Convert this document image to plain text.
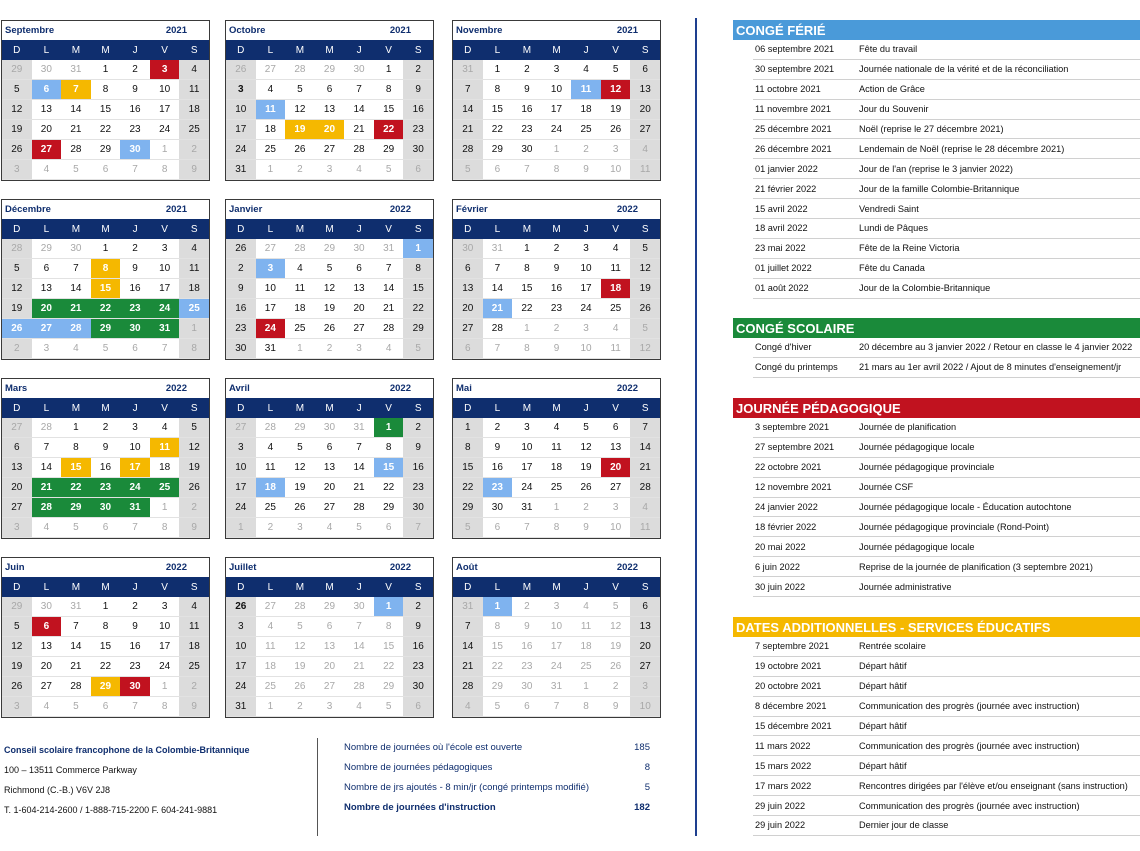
Septembre	2021
D	L	M	M	J	V	S
29	30	31	1	2	3	4
5	6	7	8	9	10	11
12	13	14	15	16	17	18
19	20	21	22	23	24	25
26	27	28	29	30	1	2
3	4	5	6	7	8	9
Octobre	2021
D	L	M	M	J	V	S
26	27	28	29	30	1	2
3	4	5	6	7	8	9
10	11	12	13	14	15	16
17	18	19	20	21	22	23
24	25	26	27	28	29	30
31	1	2	3	4	5	6
Novembre	2021
D	L	M	M	J	V	S
31	1	2	3	4	5	6
7	8	9	10	11	12	13
14	15	16	17	18	19	20
21	22	23	24	25	26	27
28	29	30	1	2	3	4
5	6	7	8	9	10	11
Décembre	2021
D	L	M	M	J	V	S
28	29	30	1	2	3	4
5	6	7	8	9	10	11
12	13	14	15	16	17	18
19	20	21	22	23	24	25
26	27	28	29	30	31	1
2	3	4	5	6	7	8
Janvier	2022
D	L	M	M	J	V	S
26	27	28	29	30	31	1
2	3	4	5	6	7	8
9	10	11	12	13	14	15
16	17	18	19	20	21	22
23	24	25	26	27	28	29
30	31	1	2	3	4	5
Février	2022
D	L	M	M	J	V	S
30	31	1	2	3	4	5
6	7	8	9	10	11	12
13	14	15	16	17	18	19
20	21	22	23	24	25	26
27	28	1	2	3	4	5
6	7	8	9	10	11	12
Mars	2022
D	L	M	M	J	V	S
27	28	1	2	3	4	5
6	7	8	9	10	11	12
13	14	15	16	17	18	19
20	21	22	23	24	25	26
27	28	29	30	31	1	2
3	4	5	6	7	8	9
Avril	2022
D	L	M	M	J	V	S
27	28	29	30	31	1	2
3	4	5	6	7	8	9
10	11	12	13	14	15	16
17	18	19	20	21	22	23
24	25	26	27	28	29	30
1	2	3	4	5	6	7
Mai	2022
D	L	M	M	J	V	S
1	2	3	4	5	6	7
8	9	10	11	12	13	14
15	16	17	18	19	20	21
22	23	24	25	26	27	28
29	30	31	1	2	3	4
5	6	7	8	9	10	11
Juin	2022
D	L	M	M	J	V	S
29	30	31	1	2	3	4
5	6	7	8	9	10	11
12	13	14	15	16	17	18
19	20	21	22	23	24	25
26	27	28	29	30	1	2
3	4	5	6	7	8	9
Juillet	2022
D	L	M	M	J	V	S
26	27	28	29	30	1	2
3	4	5	6	7	8	9
10	11	12	13	14	15	16
17	18	19	20	21	22	23
24	25	26	27	28	29	30
31	1	2	3	4	5	6
Août	2022
D	L	M	M	J	V	S
31	1	2	3	4	5	6
7	8	9	10	11	12	13
14	15	16	17	18	19	20
21	22	23	24	25	26	27
28	29	30	31	1	2	3
4	5	6	7	8	9	10
Conseil scolaire francophone de la Colombie-Britannique
100 – 13511 Commerce Parkway
Richmond (C.-B.) V6V 2J8
T. 1-604-214-2600 / 1-888-715-2200 F. 604-241-9881
Nombre de journées où l'école est ouverte	185
Nombre de journées pédagogiques	8
Nombre de jrs ajoutés - 8 min/jr (congé printemps modifié)	5
Nombre de journées d'instruction	182
CONGÉ FÉRIÉ
06 septembre 2021	Fête du travail
30 septembre 2021	Journée nationale de la vérité et de la réconciliation
11 octobre 2021	Action de Grâce
11 novembre 2021	Jour du Souvenir
25 décembre 2021	Noël (reprise le 27 décembre 2021)
26 décembre 2021	Lendemain de Noël (reprise le 28 décembre 2021)
01 janvier 2022	Jour de l'an (reprise le 3 janvier 2022)
21 février 2022	Jour de la famille Colombie-Britannique
15 avril 2022	Vendredi Saint
18 avril 2022	Lundi de Pâques
23 mai 2022	Fête de la Reine Victoria
01 juillet 2022	Fête du Canada
01 août 2022	Jour de la Colombie-Britannique
CONGÉ SCOLAIRE
Congé d'hiver	20 décembre au 3 janvier 2022 / Retour en classe le 4 janvier 2022
Congé du printemps	21 mars au 1er avril 2022 / Ajout de 8 minutes d'enseignement/jr
JOURNÉE PÉDAGOGIQUE
3 septembre 2021	Journée de planification
27 septembre 2021	Journée pédagogique locale
22 octobre 2021	Journée pédagogique provinciale
12 novembre 2021	Journée CSF
24 janvier 2022	Journée pédagogique locale - Éducation autochtone
18 février 2022	Journée pédagogique provinciale (Rond-Point)
20 mai 2022	Journée pédagogique locale
6 juin 2022	Reprise de la journée de planification (3 septembre 2021)
30 juin 2022	Journée administrative
DATES ADDITIONNELLES - SERVICES ÉDUCATIFS
7 septembre 2021	Rentrée scolaire
19 octobre 2021	Départ hâtif
20 octobre 2021	Départ hâtif
8 décembre 2021	Communication des progrès (journée avec instruction)
15 décembre 2021	Départ hâtif
11 mars 2022	Communication des progrès (journée avec instruction)
15 mars 2022	Départ hâtif
17 mars 2022	Rencontres dirigées par l'élève et/ou enseignant (sans instruction)
29 juin 2022	Communication des progrès (journée avec instruction)
29 juin 2022	Dernier jour de classe
